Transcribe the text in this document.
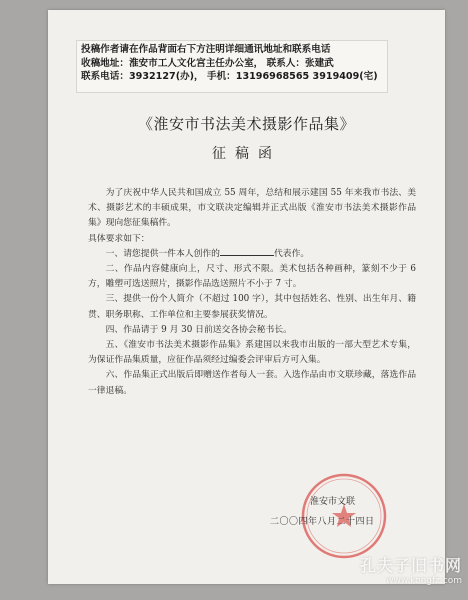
投稿作者请在作品背面右下方注明详细通讯地址和联系电话
收稿地址：淮安市工人文化宫主任办公室， 联系人：张建武
联系电话：3932127(办)， 手机：13196968565 3919409(宅)
《淮安市书法美术摄影作品集》
征稿函

为了庆祝中华人民共和国成立 55 周年，总结和展示建国 55 年来我市书法、美术、摄影艺术的丰硕成果，市文联决定编辑并正式出版《淮安市书法美术摄影作品集》现向您征集稿件。

具体要求如下：

一、请您提供一件本人创作的	代表作。

二、作品内容健康向上，尺寸、形式不限。美术包括各种画种，篆刻不少于 6 方，雕塑可选送照片，摄影作品选送照片不小于 7 寸。

三、提供一份个人简介（不超过 100 字），其中包括姓名、性别、出生年月、籍贯、职务职称、工作单位和主要参展获奖情况。

四、作品请于 9 月 30 日前送交各协会秘书长。

五、《淮安市书法美术摄影作品集》系建国以来我市出版的一部大型艺术专集，为保证作品集质量，应征作品须经过编委会评审后方可入集。

六、作品集正式出版后即赠送作者每人一套。入选作品由市文联珍藏，落选作品一律退稿。

淮安市文联
二〇〇四年八月二十四日
孔夫子旧书网
www.kongfz.com
